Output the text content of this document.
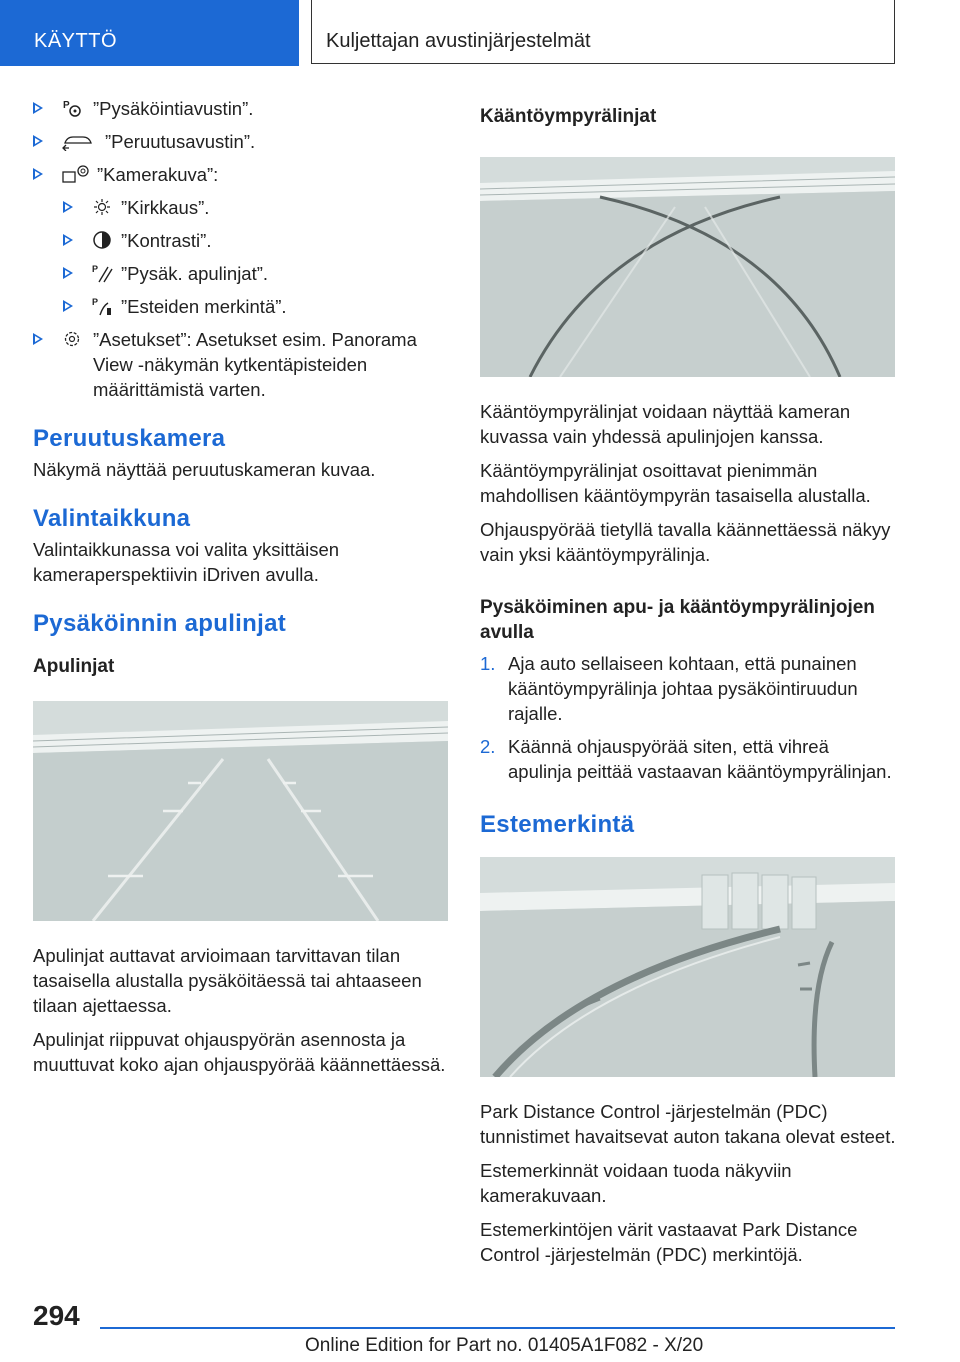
KÄYTTÖ	Kuljettajan avustinjärjestelmät
P ”Pysäköintiavustin”.
”Peruutusavustin”.
”Kamerakuva”:
”Kirkkaus”.
”Kontrasti”.
P ”Pysäk. apulinjat”.
P ”Esteiden merkintä”.
”Asetukset”: Asetukset esim. Panorama View -näkymän kytkentäpisteiden määrittämistä varten.
Peruutuskamera

Näkymä näyttää peruutuskameran kuvaa.

Valintaikkuna

Valintaikkunassa voi valita yksittäisen kameraperspektiivin iDriven avulla.

Pysäköinnin apulinjat
Apulinjat

Apulinjat auttavat arvioimaan tarvittavan tilan tasaisella alustalla pysäköitäessä tai ahtaaseen tilaan ajettaessa.

Apulinjat riippuvat ohjauspyörän asennosta ja muuttuvat koko ajan ohjauspyörää käännettäessä.

Kääntöympyrälinjat

Kääntöympyrälinjat voidaan näyttää kameran kuvassa vain yhdessä apulinjojen kanssa.

Kääntöympyrälinjat osoittavat pienimmän mahdollisen kääntöympyrän tasaisella alustalla.

Ohjauspyörää tietyllä tavalla käännettäessä näkyy vain yksi kääntöympyrälinja.

Pysäköiminen apu- ja kääntöympyrälinjojen avulla
1. Aja auto sellaiseen kohtaan, että punainen kääntöympyrälinja johtaa pysäköintiruudun rajalle.
2. Käännä ohjauspyörää siten, että vihreä apulinja peittää vastaavan kääntöympyrälinjan.
Estemerkintä

Park Distance Control -järjestelmän (PDC) tunnistimet havaitsevat auton takana olevat esteet.

Estemerkinnät voidaan tuoda näkyviin kamerakuvaan.

Estemerkintöjen värit vastaavat Park Distance Control -järjestelmän (PDC) merkintöjä.

294
Online Edition for Part no. 01405A1F082 - X/20
